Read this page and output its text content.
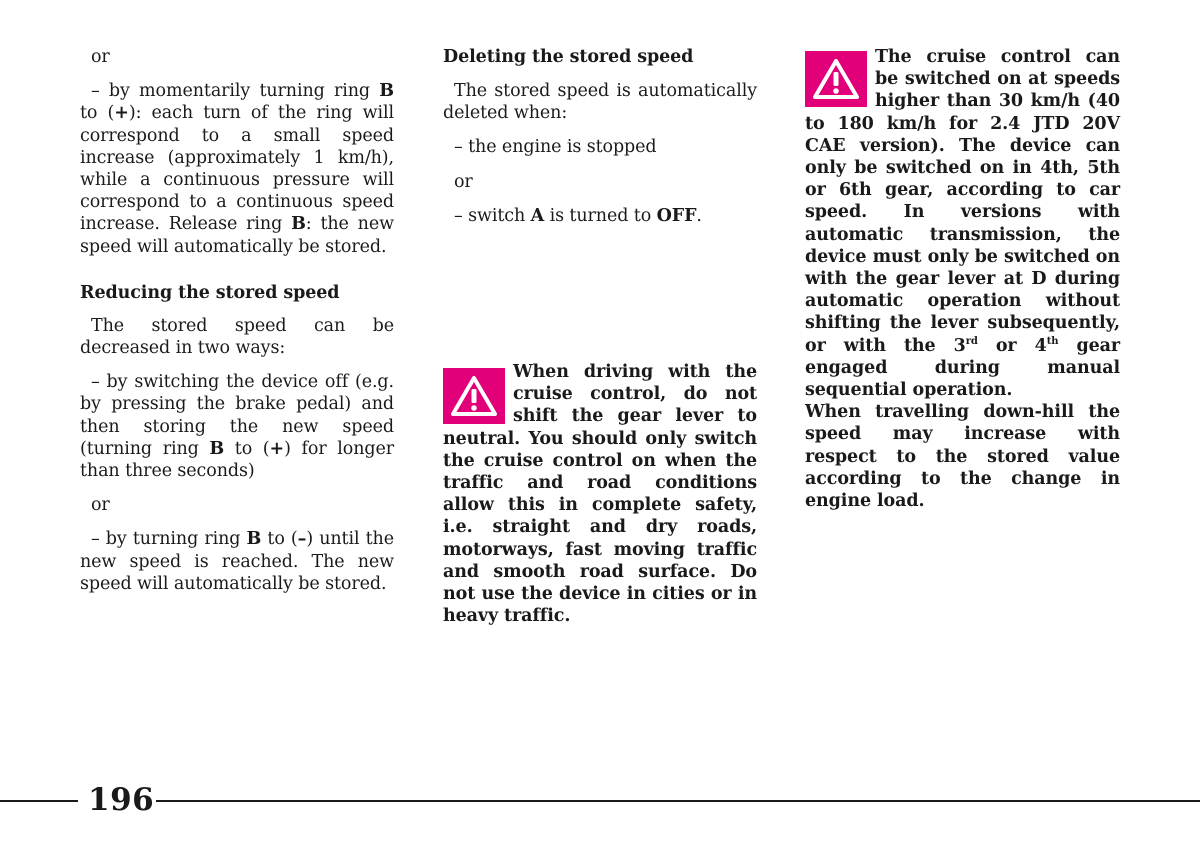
or

– by momentarily turning ring B to (+): each turn of the ring will correspond to a small speed increase (approximately 1 km/h), while a continuous pressure will correspond to a continuous speed increase. Release ring B: the new speed will automatically be stored.

Reducing the stored speed

The stored speed can be decreased in two ways:

– by switching the device off (e.g. by pressing the brake pedal) and then storing the new speed (turning ring B to (+) for longer than three seconds)

or

– by turning ring B to (–) until the new speed is reached. The new speed will automatically be stored.

Deleting the stored speed

The stored speed is automatically deleted when:

– the engine is stopped

or

– switch A is turned to OFF.

When driving with the cruise control, do not shift the gear lever to neutral. You should only switch the cruise control on when the traffic and road conditions allow this in complete safety, i.e. straight and dry roads, motorways, fast moving traffic and smooth road surface. Do not use the device in cities or in heavy traffic.

The cruise control can be switched on at speeds higher than 30 km/h (40 to 180 km/h for 2.4 JTD 20V CAE version). The device can only be switched on in 4th, 5th or 6th gear, according to car speed. In versions with automatic transmission, the device must only be switched on with the gear lever at D during automatic operation without shifting the lever subsequently, or with the 3rd or 4th gear engaged during manual sequential operation.

When travelling down-hill the speed may increase with respect to the stored value according to the change in engine load.

196
